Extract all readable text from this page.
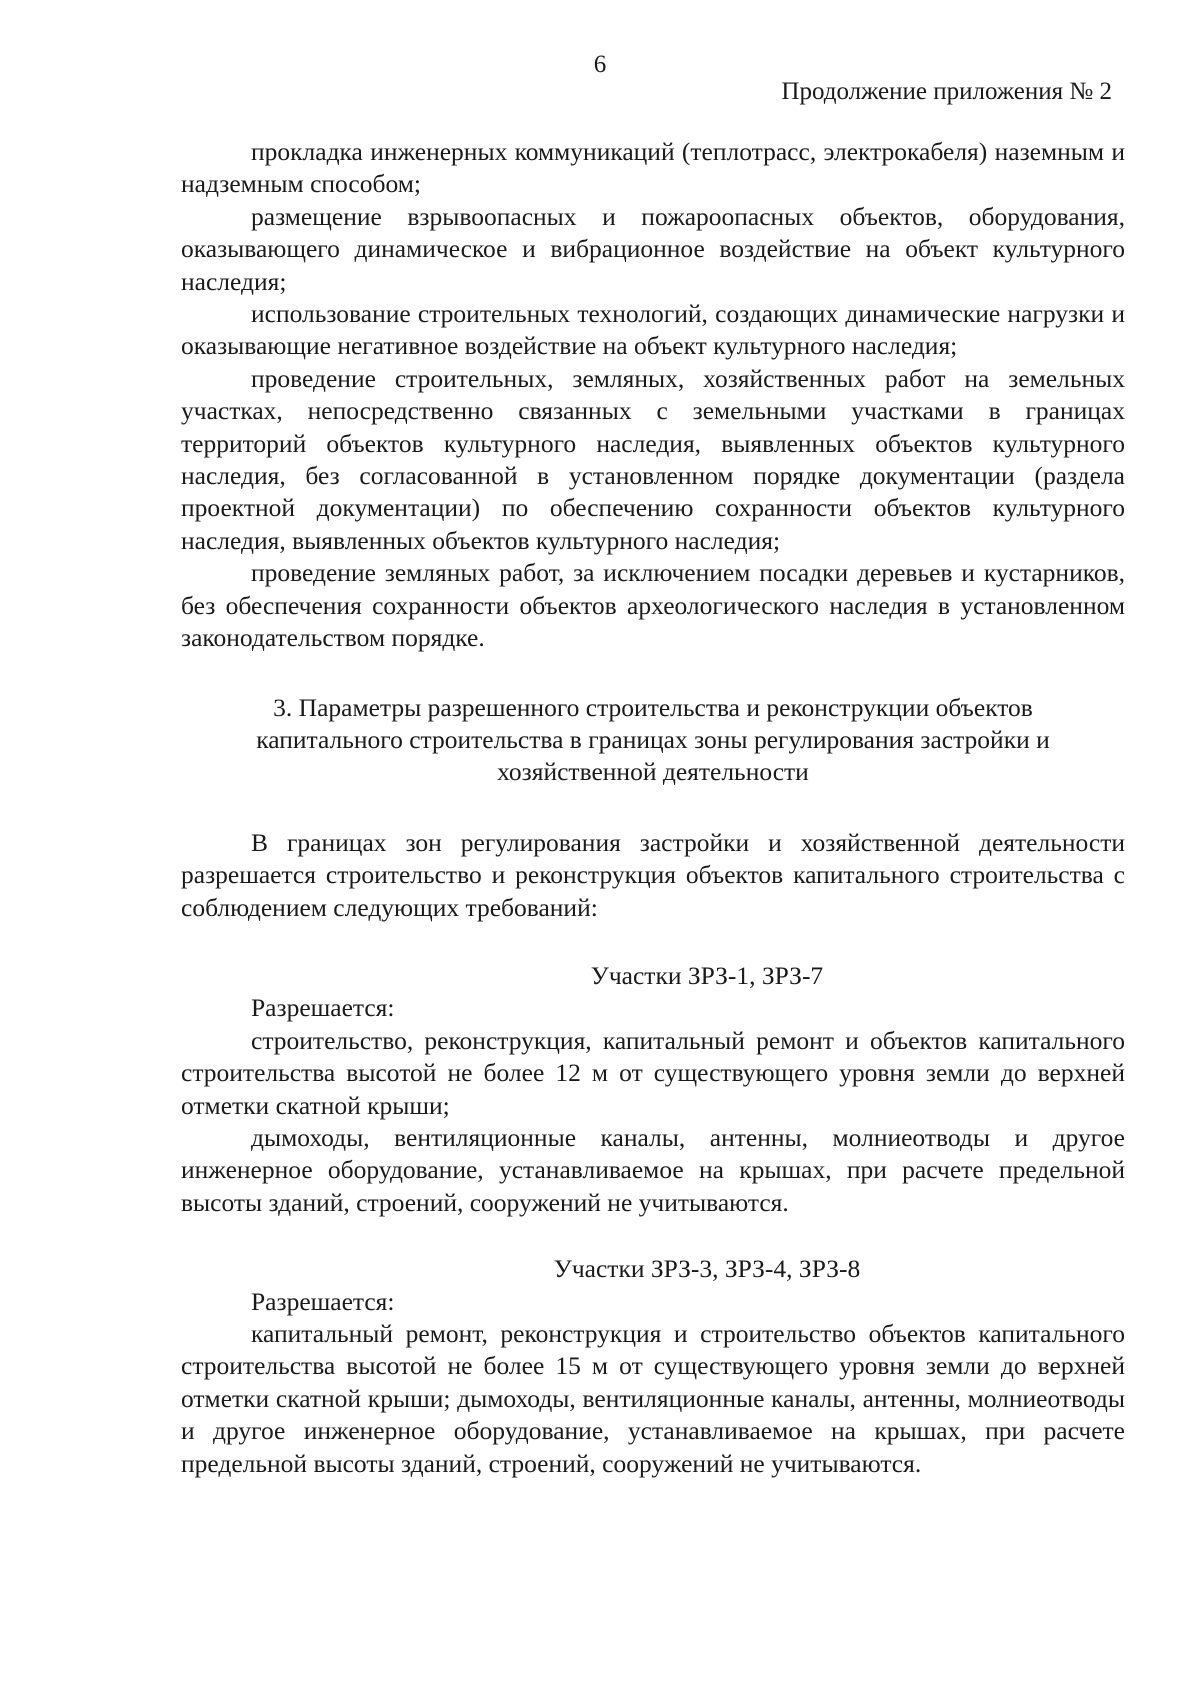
6
Продолжение приложения № 2

прокладка инженерных коммуникаций (теплотрасс, электрокабеля) наземным и надземным способом;

размещение взрывоопасных и пожароопасных объектов, оборудования, оказывающего динамическое и вибрационное воздействие на объект культурного наследия;

использование строительных технологий, создающих динамические нагрузки и оказывающие негативное воздействие на объект культурного наследия;

проведение строительных, земляных, хозяйственных работ на земельных участках, непосредственно связанных с земельными участками в границах территорий объектов культурного наследия, выявленных объектов культурного наследия, без согласованной в установленном порядке документации (раздела проектной документации) по обеспечению сохранности объектов культурного наследия, выявленных объектов культурного наследия;

проведение земляных работ, за исключением посадки деревьев и кустарников, без обеспечения сохранности объектов археологического наследия в установленном законодательством порядке.

3. Параметры разрешенного строительства и реконструкции объектов

капитального строительства в границах зоны регулирования застройки и

хозяйственной деятельности

В границах зон регулирования застройки и хозяйственной деятельности разрешается строительство и реконструкция объектов капитального строительства с соблюдением следующих требований:

Участки ЗРЗ-1, ЗРЗ-7

Разрешается:

строительство, реконструкция, капитальный ремонт и объектов капитального строительства высотой не более 12 м от существующего уровня земли до верхней отметки скатной крыши;

дымоходы, вентиляционные каналы, антенны, молниеотводы и другое инженерное оборудование, устанавливаемое на крышах, при расчете предельной высоты зданий, строений, сооружений не учитываются.

Участки ЗРЗ-3, ЗРЗ-4, ЗРЗ-8

Разрешается:

капитальный ремонт, реконструкция и строительство объектов капитального строительства высотой не более 15 м от существующего уровня земли до верхней отметки скатной крыши; дымоходы, вентиляционные каналы, антенны, молниеотводы и другое инженерное оборудование, устанавливаемое на крышах, при расчете предельной высоты зданий, строений, сооружений не учитываются.
